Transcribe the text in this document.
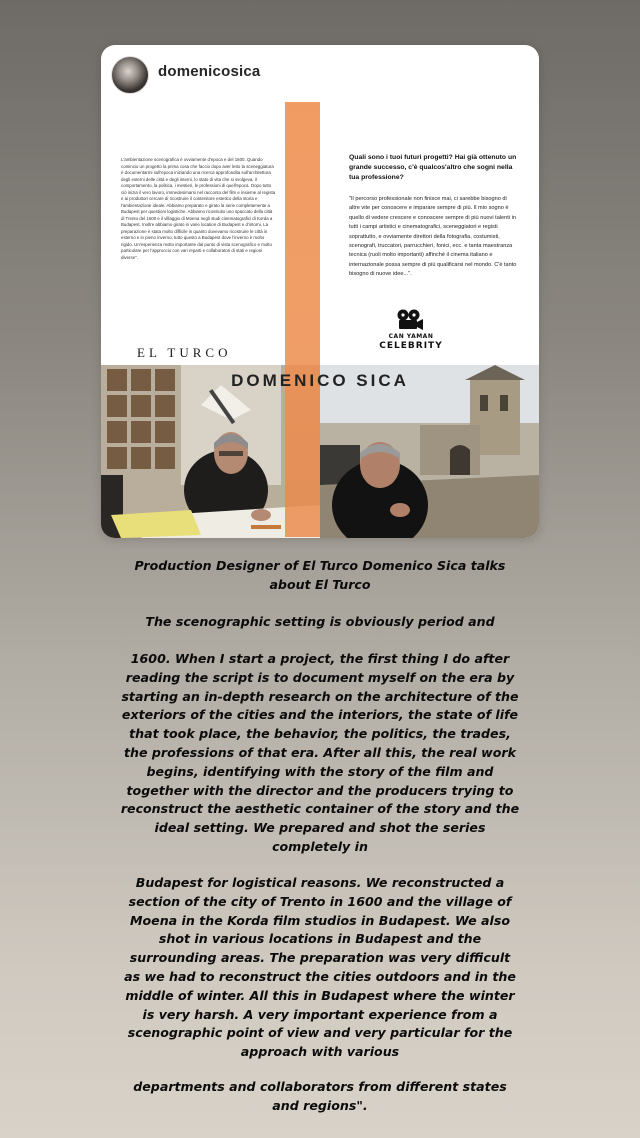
domenicosica
L'ambientazione scenografica è ovviamente d'epoca e del 1600. Quando comincio un progetto la prima cosa che faccio dopo aver letto la sceneggiatura è documentarmi sull'epoca iniziando una ricerca approfondita sull'architettura degli esterni delle città e degli interni, lo stato di vita che si svolgeva, il comportamento, la politica, i mestieri, le professioni di quell'epoca. Dopo tutto ciò inizia il vero lavoro, immedesimarsi nel racconto del film e insieme al regista e ai produttori cercare di ricostruire il contenitore estetico della storia e l'ambientazione ideale. Abbiamo preparato e girato la serie completamente a Budapest per questioni logistiche. Abbiamo ricostruito uno spaccato della città di Trento del 1600 e il villaggio di Moena negli studi cinematografici di Korda a Budapest. Inoltre abbiamo girato in varie location di Budapest e d'intorni. La preparazione è stata molto difficile in quanto dovevamo ricostruire le città in esterno e in pieno inverno, tutto questo a Budapest dove l'inverno è molto rigido. Un'esperienza molto importante dal punto di vista scenografico e molto particolare per l'approccio con vari reparti e collaboratori di stati e regioni diverse".
EL TURCO
Quali sono i tuoi futuri progetti? Hai già ottenuto un grande successo, c'è qualcos'altro che sogni nella tua professione?
"Il percorso professionale non finisce mai, ci sarebbe bisogno di altre vite per conoscere e imparare sempre di più. Il mio sogno è quello di vedere crescere e conoscere sempre di più nuovi talenti in tutti i campi artistici e cinematografici, sceneggiatori e registi soprattutto, e ovviamente direttori della fotografia, costumisti, scenografi, truccatori, parrucchieri, fonici, ecc. e tanta maestranza tecnica (ruoli molto importanti) affinché il cinema italiano e internazionale possa sempre di più qualificarsi nel mondo. C'è tanto bisogno di nuove idee...".
CAN YAMAN
CELEBRITY
DOMENICO SICA
Production Designer of El Turco Domenico Sica talks about El Turco
The scenographic setting is obviously period and
1600. When I start a project, the first thing I do after reading the script is to document myself on the era by starting an in-depth research on the architecture of the exteriors of the cities and the interiors, the state of life that took place, the behavior, the politics, the trades, the professions of that era. After all this, the real work begins, identifying with the story of the film and together with the director and the producers trying to reconstruct the aesthetic container of the story and the ideal setting. We prepared and shot the series completely in
Budapest for logistical reasons. We reconstructed a section of the city of Trento in 1600 and the village of Moena in the Korda film studios in Budapest. We also shot in various locations in Budapest and the surrounding areas. The preparation was very difficult as we had to reconstruct the cities outdoors and in the middle of winter. All this in Budapest where the winter is very harsh. A very important experience from a scenographic point of view and very particular for the approach with various
departments and collaborators from different states and regions".
